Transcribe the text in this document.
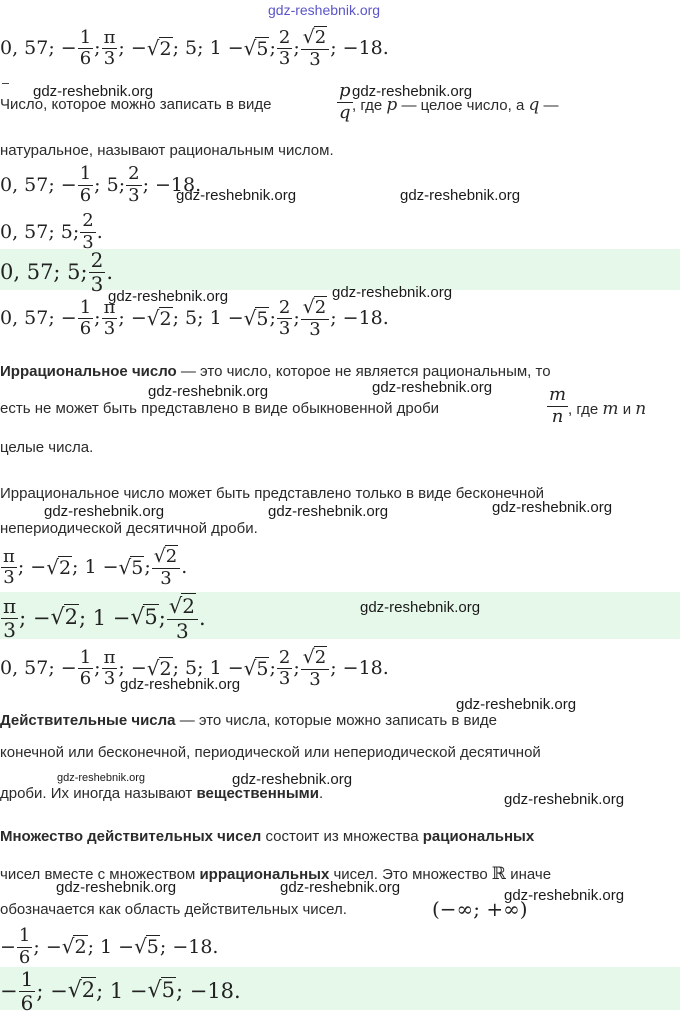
gdz-reshebnik.org
0, 57; − $\frac{1}{6}$ ; $\frac{\pi}{3}$ ; −√2; 5; 1 −√5; $\frac{2}{3}$ ; $\frac{√2}{3}$ ; −18.
gdz-reshebnik.org
Число, которое можно записать в виде	$\frac{p}{q}$ gdz-reshebnik.org
, где p — целое число, а q —
натуральное, называют рациональным числом.
0, 57; − $\frac{1}{6}$ ; 5; $\frac{2}{3}$ ; −18.
gdz-reshebnik.org	gdz-reshebnik.org
0, 57; 5; $\frac{2}{3}$ .
0, 57; 5; $\frac{2}{3}$ .
gdz-reshebnik.org	gdz-reshebnik.org
0, 57; − $\frac{1}{6}$ ; $\frac{\pi}{3}$ ; −√2; 5; 1 −√5; $\frac{2}{3}$ ; $\frac{√2}{3}$ ; −18.
Иррациональное число — это число, которое не является рациональным, то
gdz-reshebnik.org	gdz-reshebnik.org
есть не может быть представлено в виде обыкновенной дроби	$\frac{m}{n}$ , где m и n
целые числа.
Иррациональное число может быть представлено только в виде бесконечной
gdz-reshebnik.org	gdz-reshebnik.org	gdz-reshebnik.org
непериодической десятичной дроби.
$\frac{\pi}{3}$ ; −√2; 1 −√5; $\frac{√2}{3}$ .
$\frac{\pi}{3}$ ; −√2; 1 −√5; $\frac{√2}{3}$ .	gdz-reshebnik.org
0, 57; − $\frac{1}{6}$ ; $\frac{\pi}{3}$ ; −√2; 5; 1 −√5; $\frac{2}{3}$ ; $\frac{√2}{3}$ ; −18.
gdz-reshebnik.org
gdz-reshebnik.org
Действительные числа — это числа, которые можно записать в виде
конечной или бесконечной, периодической или непериодической десятичной
gdz-reshebnik.org	gdz-reshebnik.org
дроби. Их иногда называют вещественными.	gdz-reshebnik.org
Множество действительных чисел состоит из множества рациональных
чисел вместе с множеством иррациональных чисел. Это множество ℝ иначе
gdz-reshebnik.org	gdz-reshebnik.org	gdz-reshebnik.org
обозначается как область действительных чисел.	(−∞; +∞)
− $\frac{1}{6}$ ; −√2; 1 −√5; −18.
− $\frac{1}{6}$ ; −√2; 1 −√5; −18.
